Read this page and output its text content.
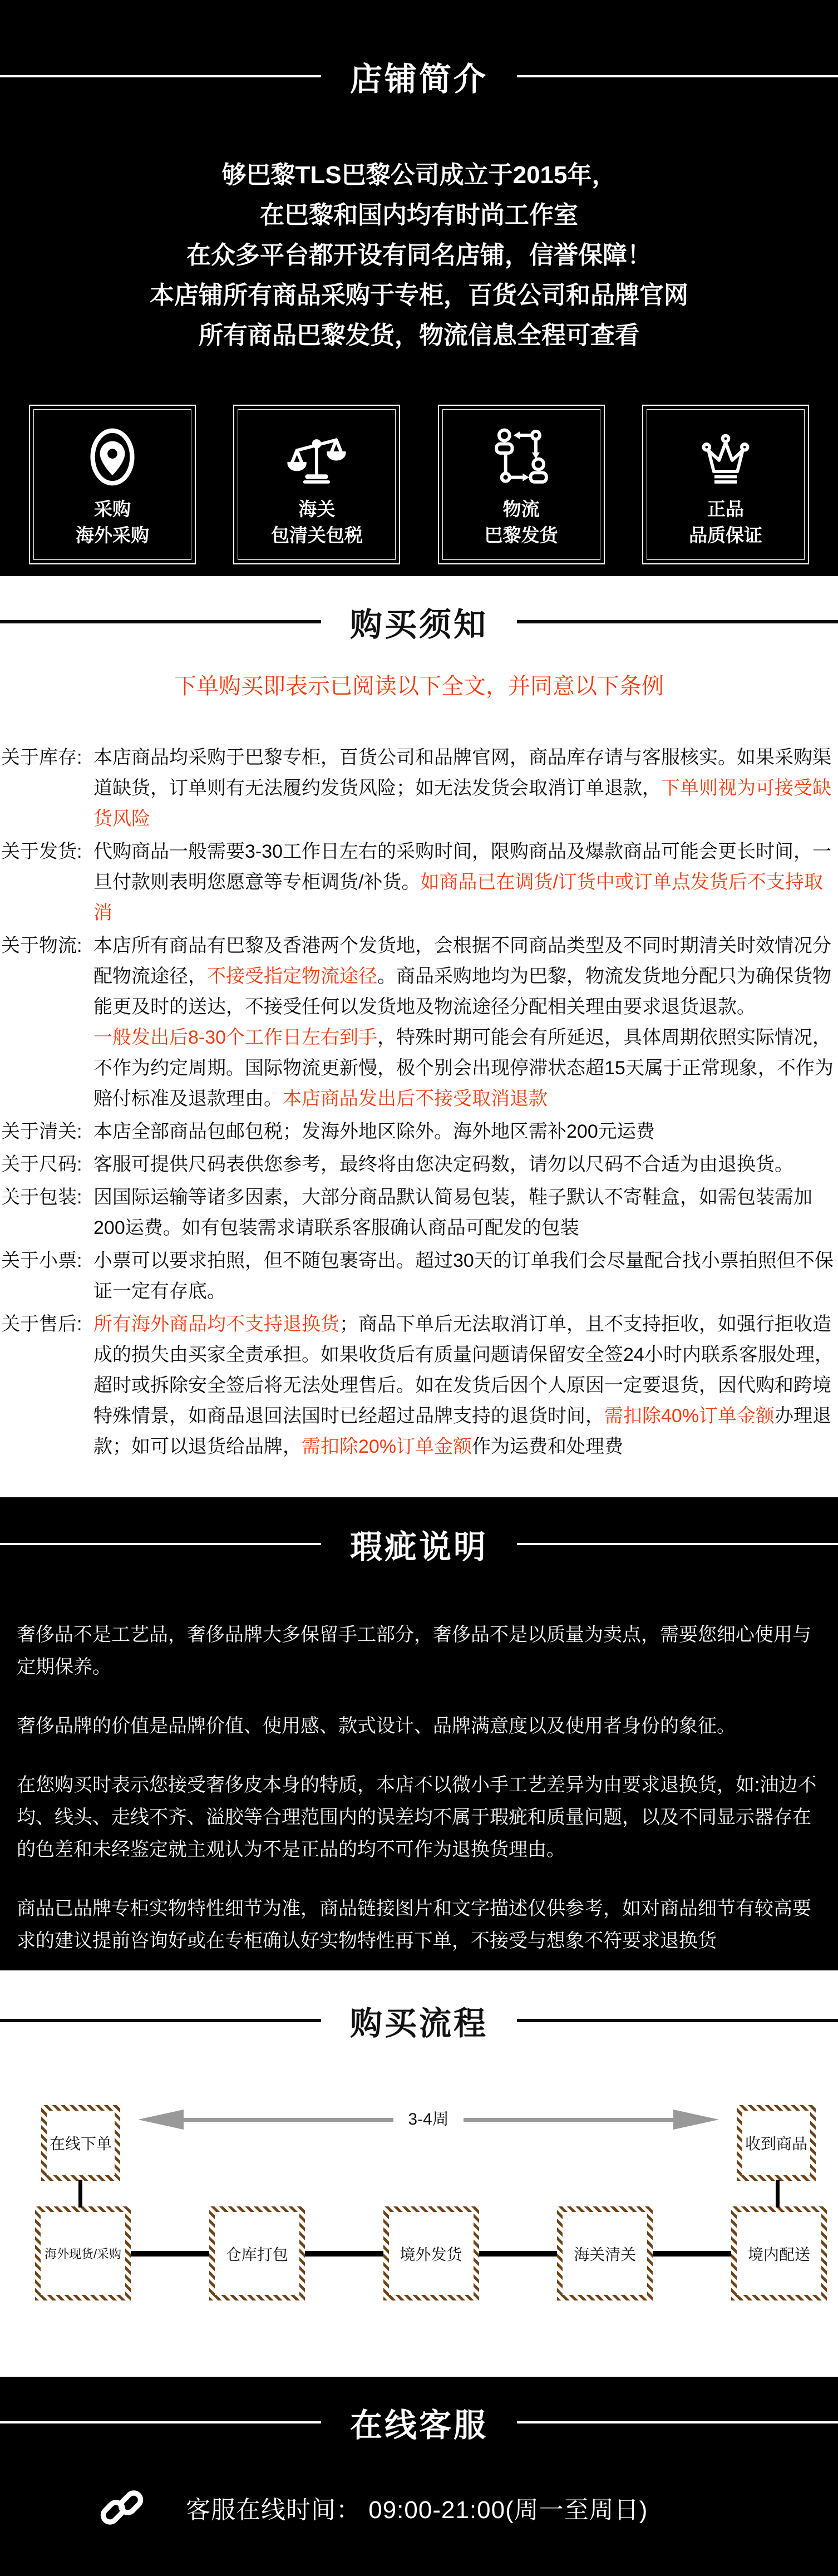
店铺简介

够巴黎TLS巴黎公司成立于2015年，

在巴黎和国内均有时尚工作室

在众多平台都开设有同名店铺，信誉保障！

本店铺所有商品采购于专柜，百货公司和品牌官网

所有商品巴黎发货，物流信息全程可查看

采购

海外采购

海关

包清关包税

物流

巴黎发货

正品

品质保证

购买须知

下单购买即表示已阅读以下全文，并同意以下条例

关于库存: 本店商品均采购于巴黎专柜，百货公司和品牌官网，商品库存请与客服核实。如果采购渠道缺货，订单则有无法履约发货风险；如无法发货会取消订单退款，下单则视为可接受缺货风险
关于发货: 代购商品一般需要3-30工作日左右的采购时间，限购商品及爆款商品可能会更长时间，一旦付款则表明您愿意等专柜调货/补货。如商品已在调货/订货中或订单点发货后不支持取消
关于物流: 本店所有商品有巴黎及香港两个发货地，会根据不同商品类型及不同时期清关时效情况分配物流途径，不接受指定物流途径。商品采购地均为巴黎，物流发货地分配只为确保货物能更及时的送达，不接受任何以发货地及物流途径分配相关理由要求退货退款。
一般发出后8-30个工作日左右到手，特殊时期可能会有所延迟，具体周期依照实际情况，不作为约定周期。国际物流更新慢，极个别会出现停滞状态超15天属于正常现象，不作为赔付标准及退款理由。本店商品发出后不接受取消退款
关于清关: 本店全部商品包邮包税；发海外地区除外。海外地区需补200元运费
关于尺码: 客服可提供尺码表供您参考，最终将由您决定码数，请勿以尺码不合适为由退换货。
关于包装: 因国际运输等诸多因素，大部分商品默认简易包装，鞋子默认不寄鞋盒，如需包装需加200运费。如有包装需求请联系客服确认商品可配发的包装
关于小票: 小票可以要求拍照，但不随包裹寄出。超过30天的订单我们会尽量配合找小票拍照但不保证一定有存底。
关于售后: 所有海外商品均不支持退换货；商品下单后无法取消订单，且不支持拒收，如强行拒收造成的损失由买家全责承担。如果收货后有质量问题请保留安全签24小时内联系客服处理，超时或拆除安全签后将无法处理售后。如在发货后因个人原因一定要退货，因代购和跨境特殊情景，如商品退回法国时已经超过品牌支持的退货时间，需扣除40%订单金额办理退款；如可以退货给品牌，需扣除20%订单金额作为运费和处理费
瑕疵说明

奢侈品不是工艺品，奢侈品牌大多保留手工部分，奢侈品不是以质量为卖点，需要您细心使用与定期保养。

奢侈品牌的价值是品牌价值、使用感、款式设计、品牌满意度以及使用者身份的象征。

在您购买时表示您接受奢侈皮本身的特质，本店不以微小手工艺差异为由要求退换货，如:油边不均、线头、走线不齐、溢胶等合理范围内的误差均不属于瑕疵和质量问题，以及不同显示器存在的色差和未经鉴定就主观认为不是正品的均不可作为退换货理由。

商品已品牌专柜实物特性细节为准，商品链接图片和文字描述仅供参考，如对商品细节有较高要求的建议提前咨询好或在专柜确认好实物特性再下单，不接受与想象不符要求退换货

购买流程
在线下单
3-4周
收到商品
海外现货/采购	仓库打包	境外发货	海关清关	境内配送
在线客服

客服在线时间： 09:00-21:00(周一至周日)
